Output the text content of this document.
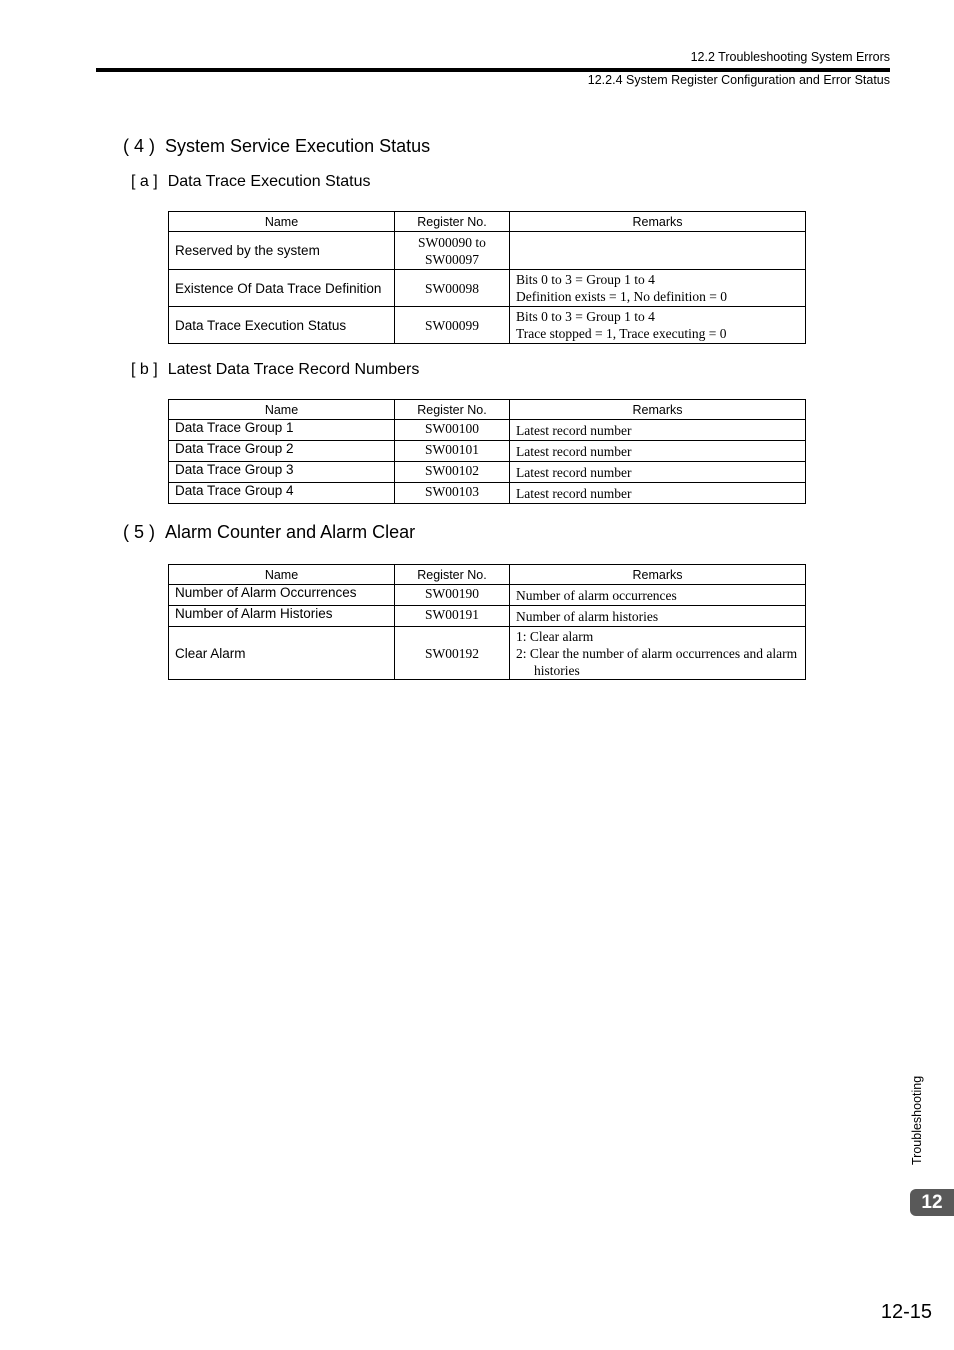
12.2 Troubleshooting System Errors
12.2.4 System Register Configuration and Error Status
( 4 ) System Service Execution Status
[ a ] Data Trace Execution Status
Name	Register No.	Remarks
Reserved by the system	SW00090 to
SW00097	

Existence Of Data Trace Definition	SW00098	Bits 0 to 3 = Group 1 to 4
Definition exists = 1, No definition = 0

Data Trace Execution Status	SW00099	Bits 0 to 3 = Group 1 to 4
Trace stopped = 1, Trace executing = 0
[ b ] Latest Data Trace Record Numbers
Name	Register No.	Remarks
Data Trace Group 1	SW00100	Latest record number
Data Trace Group 2	SW00101	Latest record number
Data Trace Group 3	SW00102	Latest record number
Data Trace Group 4	SW00103	Latest record number
( 5 ) Alarm Counter and Alarm Clear
Name	Register No.	Remarks
Number of Alarm Occurrences	SW00190	Number of alarm occurrences
Number of Alarm Histories	SW00191	Number of alarm histories
Clear Alarm	SW00192	1: Clear alarm
2: Clear the number of alarm occurrences and alarm
histories
Troubleshooting
12
12-15
